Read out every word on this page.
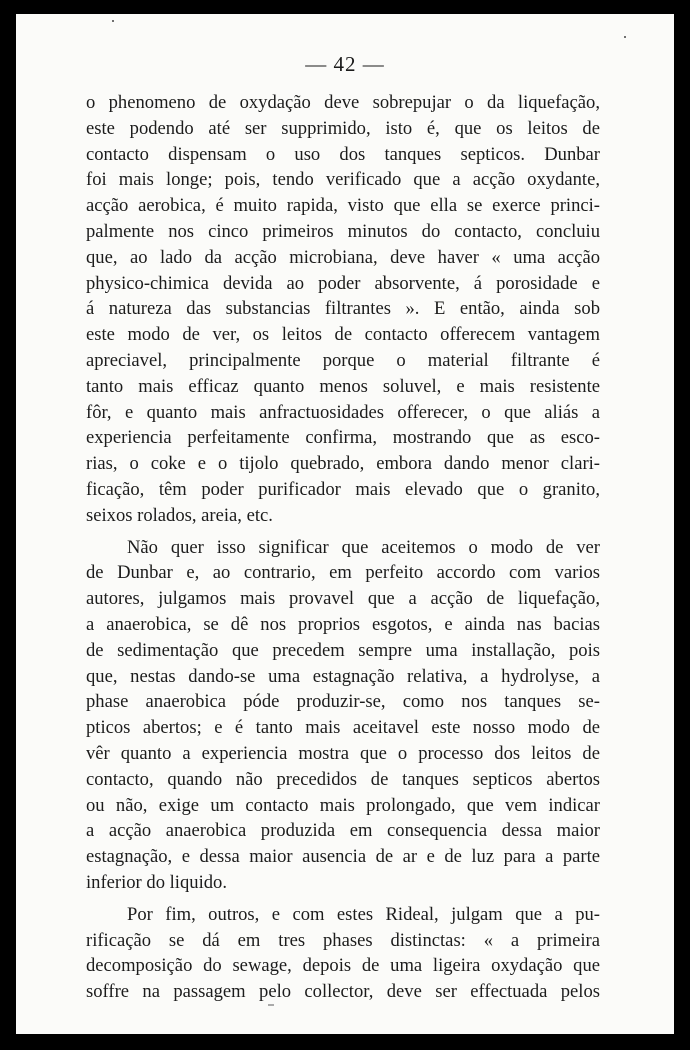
— 42 —

o phenomeno de oxydação deve sobrepujar o da liquefação,
este podendo até ser supprimido, isto é, que os leitos de
contacto dispensam o uso dos tanques septicos. Dunbar
foi mais longe; pois, tendo verificado que a acção oxydante,
acção aerobica, é muito rapida, visto que ella se exerce princi-
palmente nos cinco primeiros minutos do contacto, concluiu
que, ao lado da acção microbiana, deve haver « uma acção
physico-chimica devida ao poder absorvente, á porosidade e
á natureza das substancias filtrantes ». E então, ainda sob
este modo de ver, os leitos de contacto offerecem vantagem
apreciavel, principalmente porque o material filtrante é
tanto mais efficaz quanto menos soluvel, e mais resistente
fôr, e quanto mais anfractuosidades offerecer, o que aliás a
experiencia perfeitamente confirma, mostrando que as esco-
rias, o coke e o tijolo quebrado, embora dando menor clari-
ficação, têm poder purificador mais elevado que o granito,
seixos rolados, areia, etc.

Não quer isso significar que aceitemos o modo de ver
de Dunbar e, ao contrario, em perfeito accordo com varios
autores, julgamos mais provavel que a acção de liquefação,
a anaerobica, se dê nos proprios esgotos, e ainda nas bacias
de sedimentação que precedem sempre uma installação, pois
que, nestas dando-se uma estagnação relativa, a hydrolyse, a
phase anaerobica póde produzir-se, como nos tanques se-
pticos abertos; e é tanto mais aceitavel este nosso modo de
vêr quanto a experiencia mostra que o processo dos leitos de
contacto, quando não precedidos de tanques septicos abertos
ou não, exige um contacto mais prolongado, que vem indicar
a acção anaerobica produzida em consequencia dessa maior
estagnação, e dessa maior ausencia de ar e de luz para a parte
inferior do liquido.

Por fim, outros, e com estes Rideal, julgam que a pu-
rificação se dá em tres phases distinctas: « a primeira
decomposição do sewage, depois de uma ligeira oxydação que
soffre na passagem pelo collector, deve ser effectuada pelos
